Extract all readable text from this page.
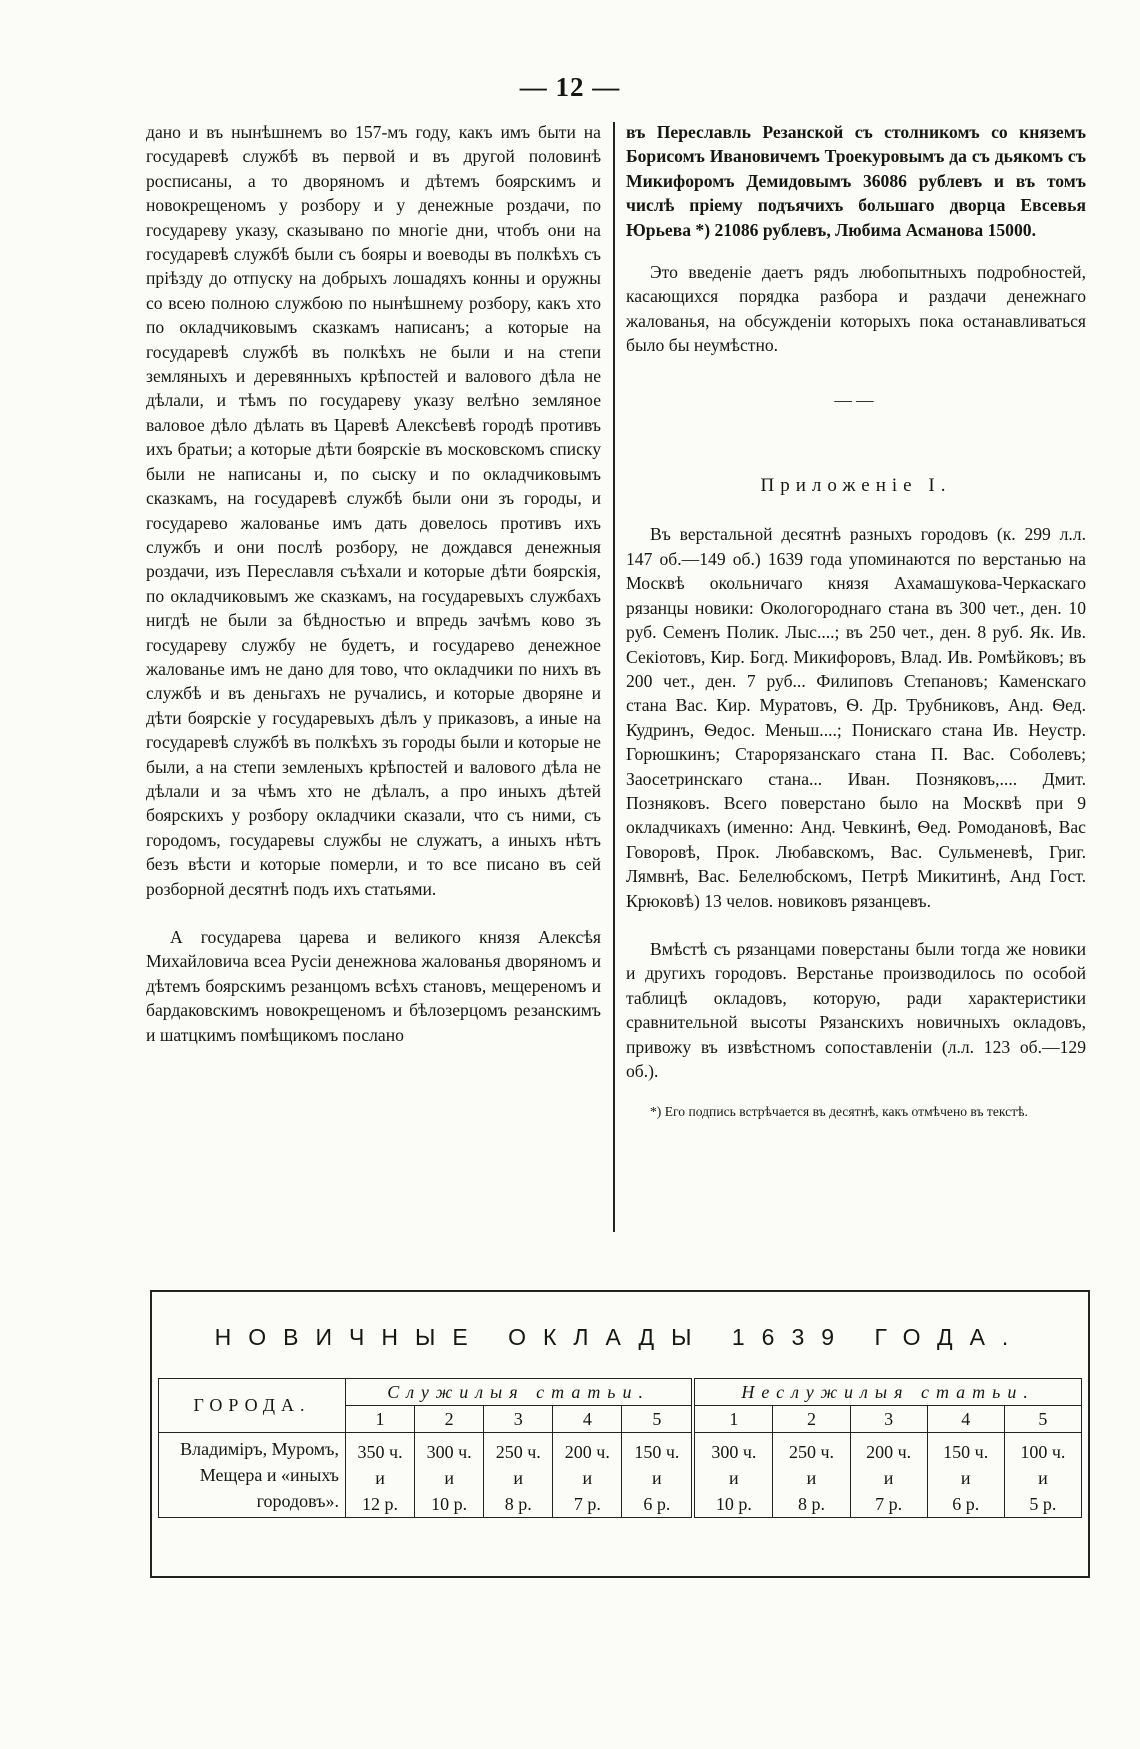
— 12 —

дано и въ нынѣшнемъ во 157-мъ году, какъ имъ быти на государевѣ службѣ въ первой и въ другой половинѣ росписаны, а то дворяномъ и дѣтемъ боярскимъ и новокрещеномъ у розбору и у денежные роздачи, по государеву указу, сказывано по многіе дни, чтобъ они на государевѣ службѣ были съ бояры и воеводы въ полкѣхъ съ пріѣзду до отпуску на добрыхъ лошадяхъ конны и оружны со всею полною службою по нынѣшнему розбору, какъ хто по окладчиковымъ сказкамъ написанъ; а которые на государевѣ службѣ въ полкѣхъ не были и на степи земляныхъ и деревянныхъ крѣпостей и валового дѣла не дѣлали, и тѣмъ по государеву указу велѣно земляное валовое дѣло дѣлать въ Царевѣ Алексѣевѣ городѣ противъ ихъ братьи; а которые дѣти боярскіе въ московскомъ списку были не написаны и, по сыску и по окладчиковымъ сказкамъ, на государевѣ службѣ были они зъ городы, и государево жалованье имъ дать довелось противъ ихъ службъ и они послѣ розбору, не дождався денежныя роздачи, изъ Переславля съѣхали и которые дѣти боярскія, по окладчиковымъ же сказкамъ, на государевыхъ службахъ нигдѣ не были за бѣдностью и впредь зачѣмъ ково зъ государеву службу не будетъ, и государево денежное жалованье имъ не дано для тово, что окладчики по нихъ въ службѣ и въ деньгахъ не ручались, и которые дворяне и дѣти боярскіе у государевыхъ дѣлъ у приказовъ, а иные на государевѣ службѣ въ полкѣхъ зъ городы были и которые не были, а на степи земленыхъ крѣпостей и валового дѣла не дѣлали и за чѣмъ хто не дѣлалъ, а про иныхъ дѣтей боярскихъ у розбору окладчики сказали, что съ ними, съ городомъ, государевы службы не служатъ, а иныхъ нѣтъ безъ вѣсти и которые померли, и то все писано въ сей розборной десятнѣ подъ ихъ статьями.

А государева царева и великого князя Алексѣя Михайловича всеа Русіи денежнова жалованья дворяномъ и дѣтемъ боярскимъ резанцомъ всѣхъ становъ, мещереномъ и бардаковскимъ новокрещеномъ и бѣлозерцомъ резанскимъ и шатцкимъ помѣщикомъ послано

въ Переславль Резанской съ столникомъ со княземъ Борисомъ Ивановичемъ Троекуровымъ да съ дьякомъ съ Микифоромъ Демидовымъ 36086 рублевъ и въ томъ числѣ пріему подъячихъ большаго дворца Евсевья Юрьева *) 21086 рублевъ, Любима Асманова 15000.

Это введеніе даетъ рядъ любопытныхъ подробностей, касающихся порядка разбора и раздачи денежнаго жалованья, на обсужденіи которыхъ пока останавливаться было бы неумѣстно.

——

Приложеніе I.

Въ верстальной десятнѣ разныхъ городовъ (к. 299 л.л. 147 об.—149 об.) 1639 года упоминаются по верстанью на Москвѣ окольничаго князя Ахамашукова-Черкаскаго рязанцы новики: Окологороднаго стана въ 300 чет., ден. 10 руб. Семенъ Полик. Лыс....; въ 250 чет., ден. 8 руб. Як. Ив. Секіотовъ, Кир. Богд. Микифоровъ, Влад. Ив. Ромѣйковъ; въ 200 чет., ден. 7 руб... Филиповъ Степановъ; Каменскаго стана Вас. Кир. Муратовъ, Ѳ. Др. Трубниковъ, Анд. Ѳед. Кудринъ, Ѳедос. Меньш....; Понискаго стана Ив. Неустр. Горюшкинъ; Старорязанскаго стана П. Вас. Соболевъ; Заосетринскаго стана... Иван. Позняковъ,.... Дмит. Позняковъ. Всего поверстано было на Москвѣ при 9 окладчикахъ (именно: Анд. Чевкинѣ, Ѳед. Ромодановѣ, Вас Говоровѣ, Прок. Любавскомъ, Вас. Сульменевѣ, Григ. Лямвнѣ, Вас. Белелюбскомъ, Петрѣ Микитинѣ, Анд Гост. Крюковѣ) 13 челов. новиковъ рязанцевъ.

Вмѣстѣ съ рязанцами поверстаны были тогда же новики и другихъ городовъ. Верстанье производилось по особой таблицѣ окладовъ, которую, ради характеристики сравнительной высоты Рязанскихъ новичныхъ окладовъ, привожу въ извѣстномъ сопоставленіи (л.л. 123 об.—129 об.).

*) Его подпись встрѣчается въ десятнѣ, какъ отмѣчено въ текстѣ.

НОВИЧНЫЕ ОКЛАДЫ 1639 ГОДА.
ГОРОДА.	Служилыя статьи.					Неслужилыя статьи.				
	1	2	3	4	5	1	2	3	4	5
Владиміръ, Муромъ, Мещера и «иныхъ городовъ».	350 ч.
и
12 р.	300 ч.
и
10 р.	250 ч.
и
8 р.	200 ч.
и
7 р.	150 ч.
и
6 р.	300 ч.
и
10 р.	250 ч.
и
8 р.	200 ч.
и
7 р.	150 ч.
и
6 р.	100 ч.
и
5 р.
